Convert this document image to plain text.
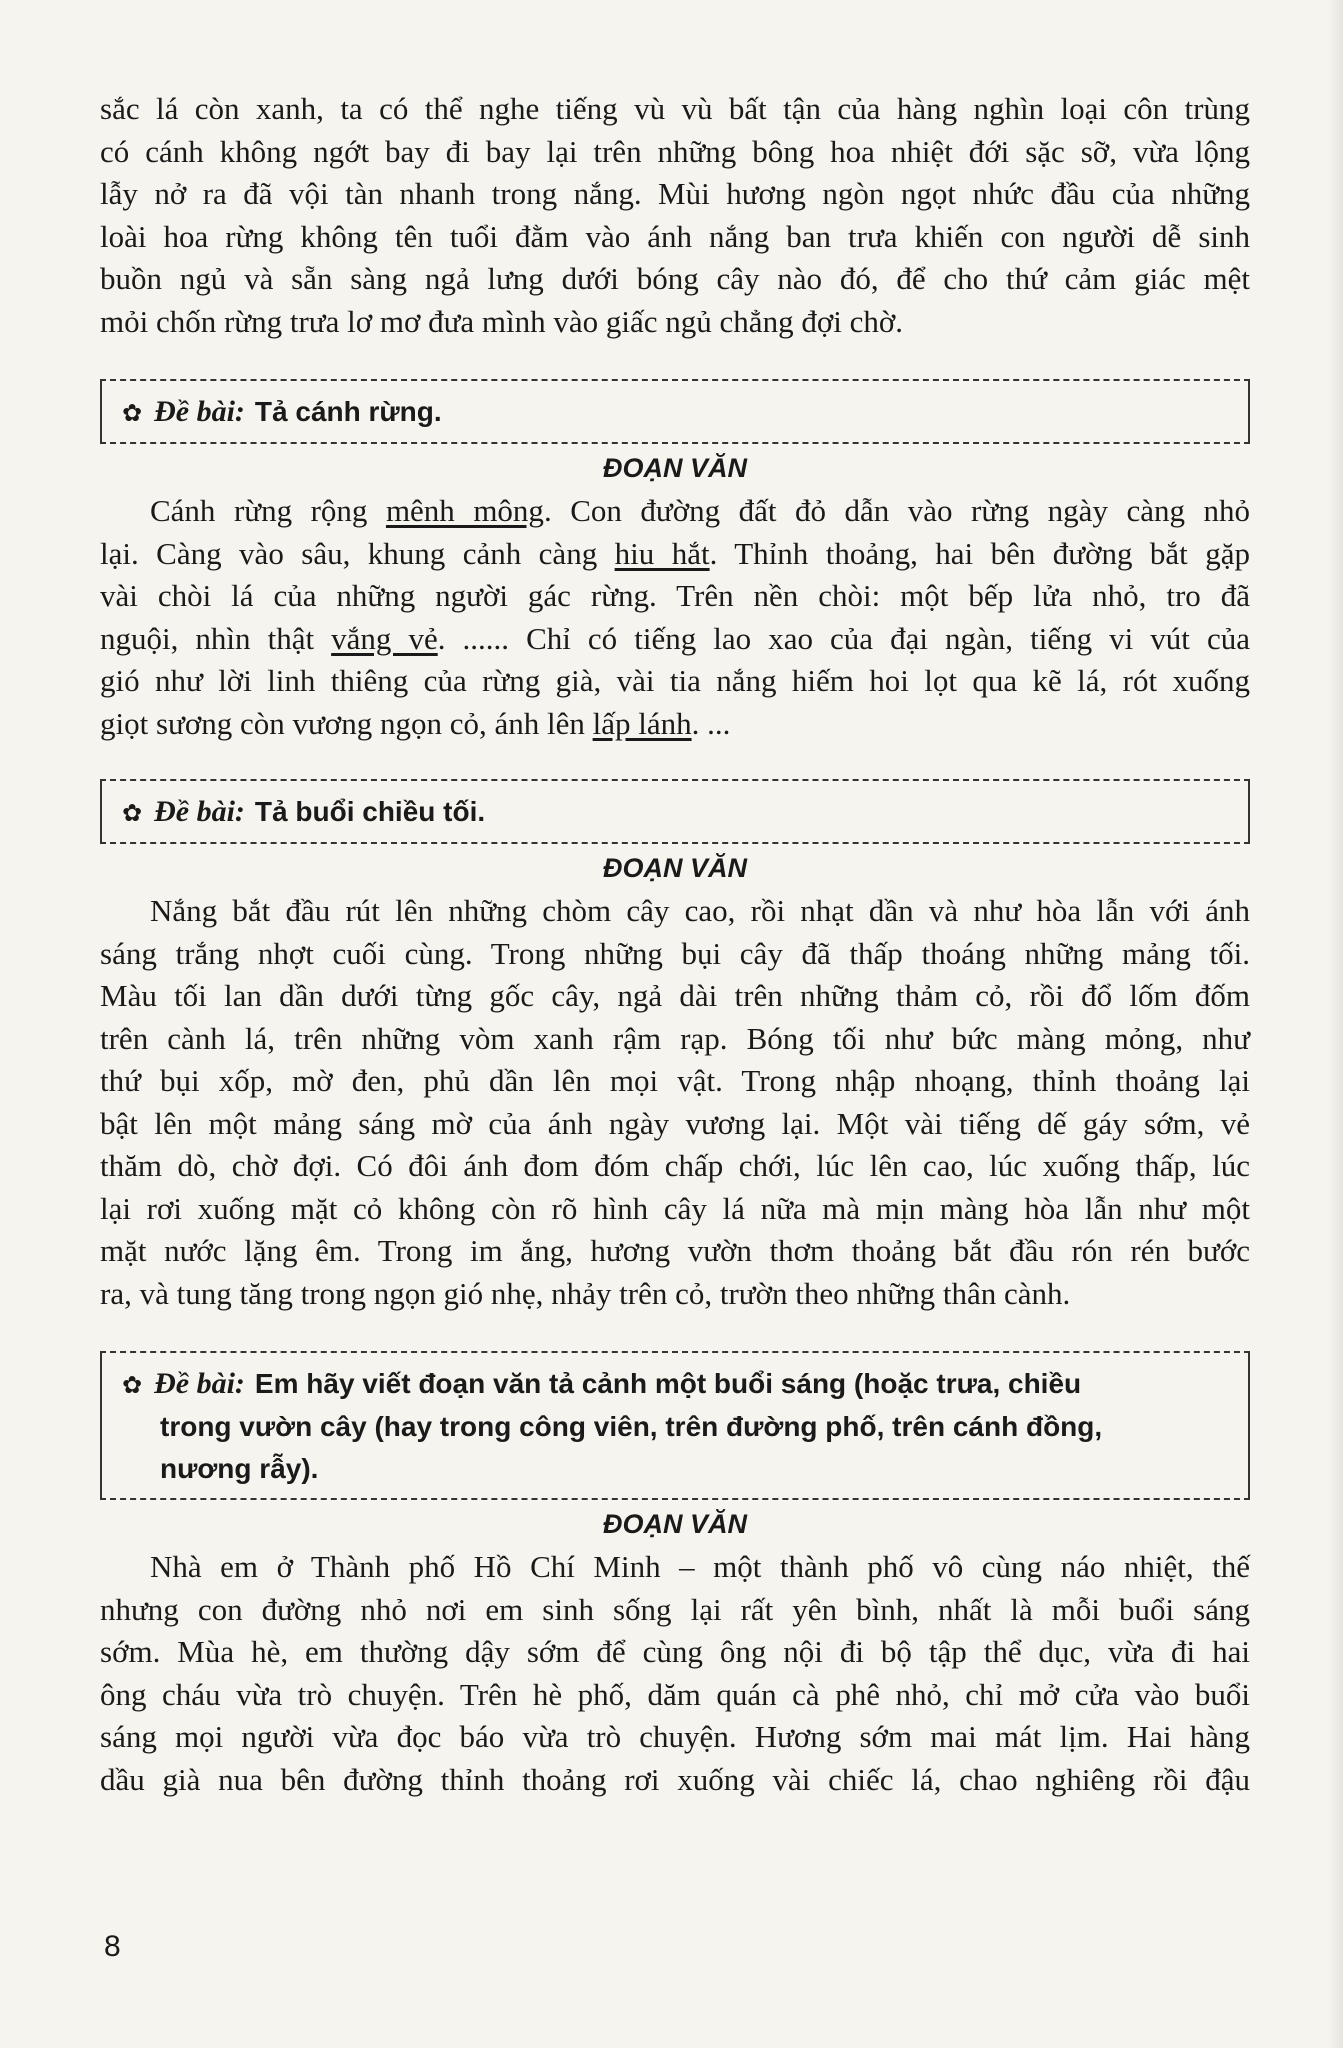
sắc lá còn xanh, ta có thể nghe tiếng vù vù bất tận của hàng nghìn loại côn trùng
có cánh không ngớt bay đi bay lại trên những bông hoa nhiệt đới sặc sỡ, vừa lộng
lẫy nở ra đã vội tàn nhanh trong nắng. Mùi hương ngòn ngọt nhức đầu của những
loài hoa rừng không tên tuổi đằm vào ánh nắng ban trưa khiến con người dễ sinh
buồn ngủ và sẵn sàng ngả lưng dưới bóng cây nào đó, để cho thứ cảm giác mệt
mỏi chốn rừng trưa lơ mơ đưa mình vào giấc ngủ chẳng đợi chờ.

✿ Đề bài: Tả cánh rừng.
ĐOẠN VĂN

Cánh rừng rộng mênh mông. Con đường đất đỏ dẫn vào rừng ngày càng nhỏ
lại. Càng vào sâu, khung cảnh càng hiu hắt. Thỉnh thoảng, hai bên đường bắt gặp
vài chòi lá của những người gác rừng. Trên nền chòi: một bếp lửa nhỏ, tro đã
nguội, nhìn thật vắng vẻ. ...... Chỉ có tiếng lao xao của đại ngàn, tiếng vi vút của
gió như lời linh thiêng của rừng già, vài tia nắng hiếm hoi lọt qua kẽ lá, rót xuống
giọt sương còn vương ngọn cỏ, ánh lên lấp lánh. ...

✿ Đề bài: Tả buổi chiều tối.
ĐOẠN VĂN

Nắng bắt đầu rút lên những chòm cây cao, rồi nhạt dần và như hòa lẫn với ánh
sáng trắng nhợt cuối cùng. Trong những bụi cây đã thấp thoáng những mảng tối.
Màu tối lan dần dưới từng gốc cây, ngả dài trên những thảm cỏ, rồi đổ lốm đốm
trên cành lá, trên những vòm xanh rậm rạp. Bóng tối như bức màng mỏng, như
thứ bụi xốp, mờ đen, phủ dần lên mọi vật. Trong nhập nhoạng, thỉnh thoảng lại
bật lên một mảng sáng mờ của ánh ngày vương lại. Một vài tiếng dế gáy sớm, vẻ
thăm dò, chờ đợi. Có đôi ánh đom đóm chấp chới, lúc lên cao, lúc xuống thấp, lúc
lại rơi xuống mặt cỏ không còn rõ hình cây lá nữa mà mịn màng hòa lẫn như một
mặt nước lặng êm. Trong im ắng, hương vườn thơm thoảng bắt đầu rón rén bước
ra, và tung tăng trong ngọn gió nhẹ, nhảy trên cỏ, trườn theo những thân cành.

✿ Đề bài: Em hãy viết đoạn văn tả cảnh một buổi sáng (hoặc trưa, chiều
trong vườn cây (hay trong công viên, trên đường phố, trên cánh đồng,
nương rẫy).
ĐOẠN VĂN

Nhà em ở Thành phố Hồ Chí Minh – một thành phố vô cùng náo nhiệt, thế
nhưng con đường nhỏ nơi em sinh sống lại rất yên bình, nhất là mỗi buổi sáng
sớm. Mùa hè, em thường dậy sớm để cùng ông nội đi bộ tập thể dục, vừa đi hai
ông cháu vừa trò chuyện. Trên hè phố, dăm quán cà phê nhỏ, chỉ mở cửa vào buổi
sáng mọi người vừa đọc báo vừa trò chuyện. Hương sớm mai mát lịm. Hai hàng
dầu già nua bên đường thỉnh thoảng rơi xuống vài chiếc lá, chao nghiêng rồi đậu

8
